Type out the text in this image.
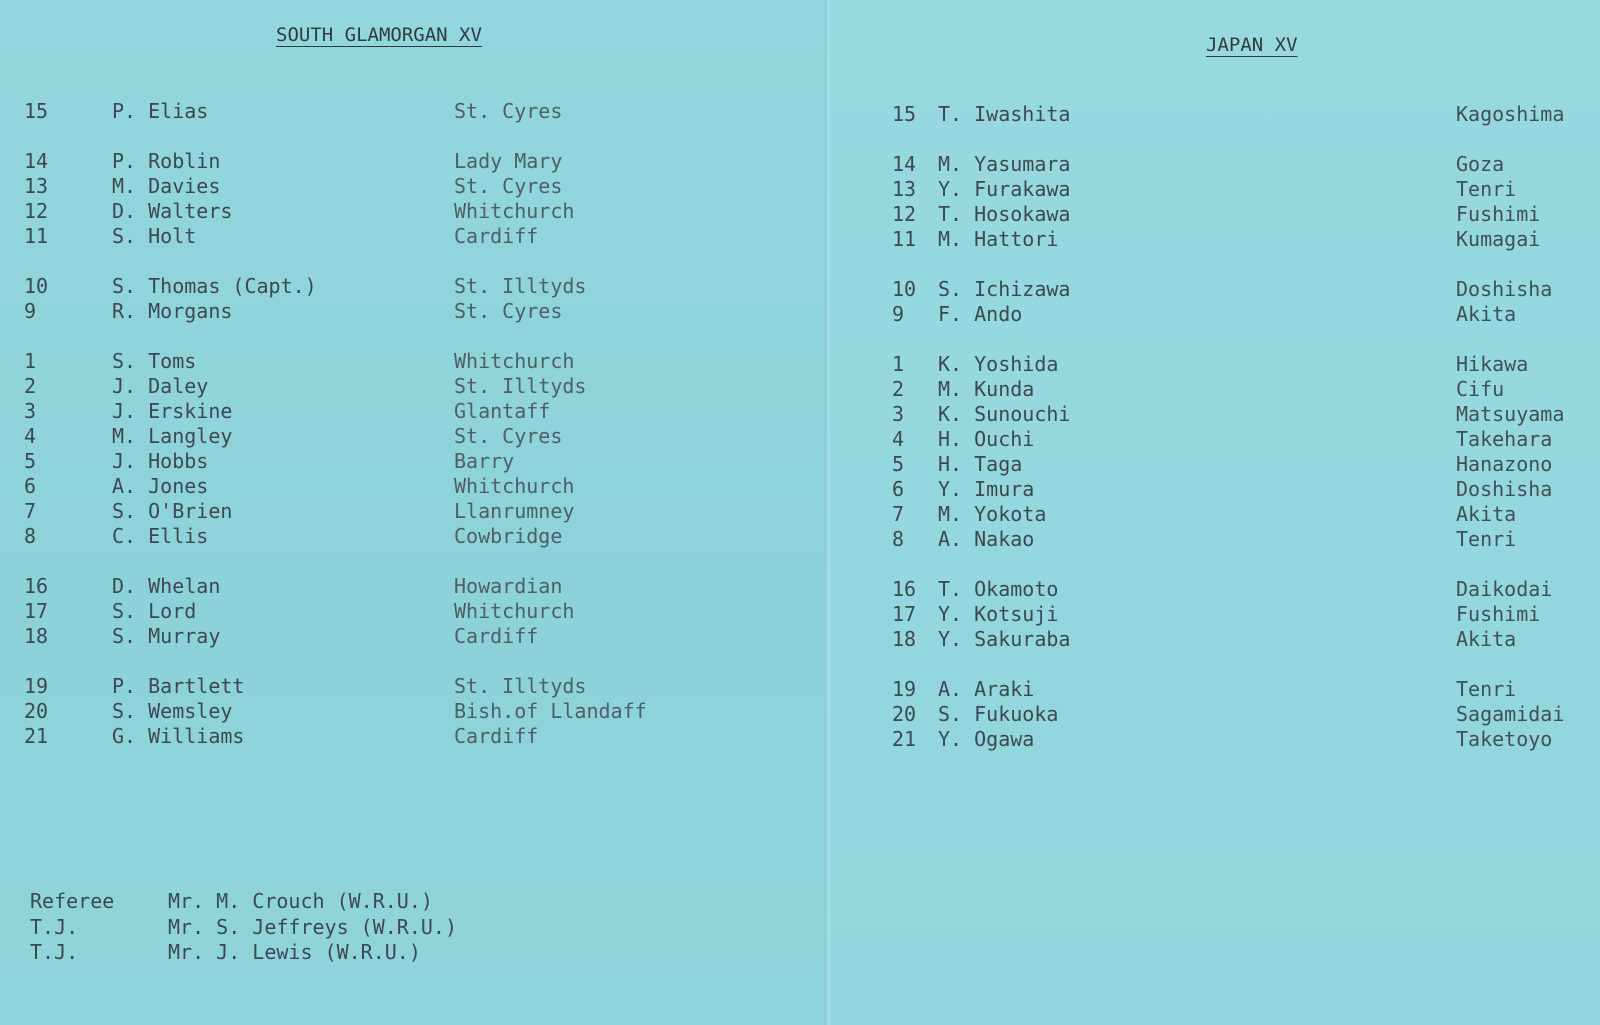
SOUTH GLAMORGAN XV
15	P. Elias	St. Cyres
14	P. Roblin	Lady Mary
13	M. Davies	St. Cyres
12	D. Walters	Whitchurch
11	S. Holt	Cardiff
10	S. Thomas (Capt.)	St. Illtyds
9	R. Morgans	St. Cyres
1	S. Toms	Whitchurch
2	J. Daley	St. Illtyds
3	J. Erskine	Glantaff
4	M. Langley	St. Cyres
5	J. Hobbs	Barry
6	A. Jones	Whitchurch
7	S. O'Brien	Llanrumney
8	C. Ellis	Cowbridge
16	D. Whelan	Howardian
17	S. Lord	Whitchurch
18	S. Murray	Cardiff
19	P. Bartlett	St. Illtyds
20	S. Wemsley	Bish.of Llandaff
21	G. Williams	Cardiff
Referee	Mr. M. Crouch (W.R.U.)
T.J.	Mr. S. Jeffreys (W.R.U.)
T.J.	Mr. J. Lewis (W.R.U.)
JAPAN XV
15 T. Iwashita	Kagoshima
14 M. Yasumara	Goza
13 Y. Furakawa	Tenri
12 T. Hosokawa	Fushimi
11 M. Hattori	Kumagai
10 S. Ichizawa	Doshisha
9 F. Ando	Akita
1 K. Yoshida	Hikawa
2 M. Kunda	Cifu
3 K. Sunouchi	Matsuyama
4 H. Ouchi	Takehara
5 H. Taga	Hanazono
6 Y. Imura	Doshisha
7 M. Yokota	Akita
8 A. Nakao	Tenri
16 T. Okamoto	Daikodai
17 Y. Kotsuji	Fushimi
18 Y. Sakuraba	Akita
19 A. Araki	Tenri
20 S. Fukuoka	Sagamidai
21 Y. Ogawa	Taketoyo
